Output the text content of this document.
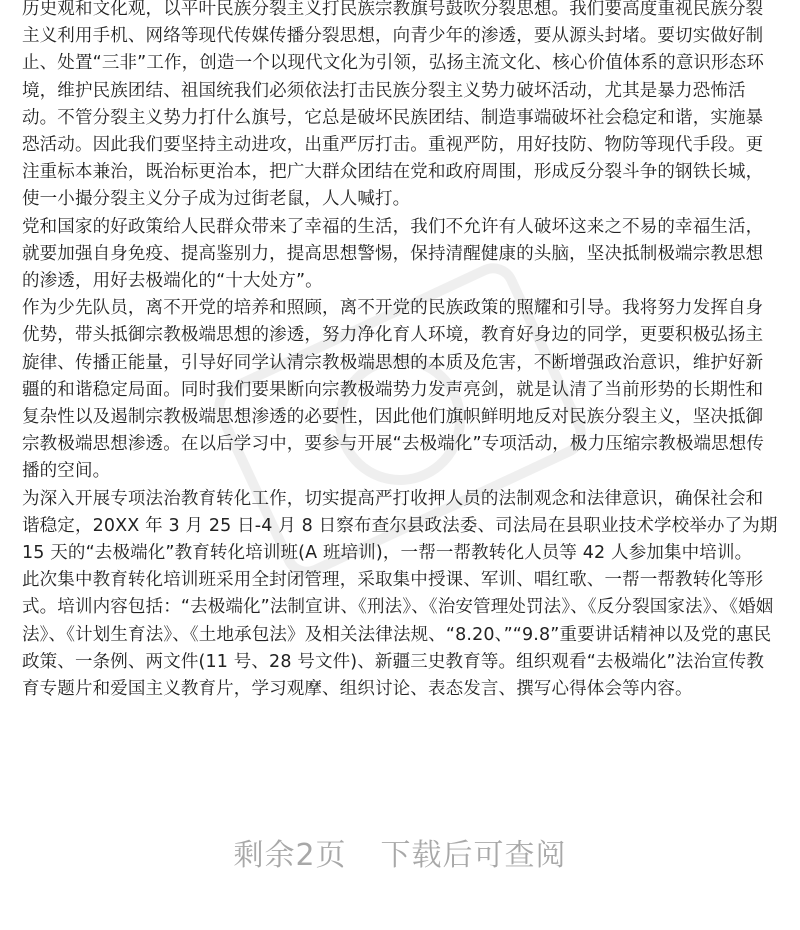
历史观和文化观，以平叶民族分裂主义打民族宗教旗号鼓吹分裂思想。我们要高度重视民族分裂主义利用手机、网络等现代传媒传播分裂思想，向青少年的渗透，要从源头封堵。要切实做好制止、处置“三非”工作，创造一个以现代文化为引领，弘扬主流文化、核心价值体系的意识形态环境，维护民族团结、祖国统我们必须依法打击民族分裂主义势力破坏活动，尤其是暴力恐怖活动。不管分裂主义势力打什么旗号，它总是破坏民族团结、制造事端破坏社会稳定和谐，实施暴恐活动。因此我们要坚持主动进攻，出重严厉打击。重视严防，用好技防、物防等现代手段。更注重标本兼治，既治标更治本，把广大群众团结在党和政府周围，形成反分裂斗争的钢铁长城，使一小撮分裂主义分子成为过街老鼠，人人喊打。

党和国家的好政策给人民群众带来了幸福的生活，我们不允许有人破坏这来之不易的幸福生活，就要加强自身免疫、提高鉴别力，提高思想警惕，保持清醒健康的头脑，坚决抵制极端宗教思想的渗透，用好去极端化的“十大处方”。

作为少先队员，离不开党的培养和照顾，离不开党的民族政策的照耀和引导。我将努力发挥自身优势，带头抵御宗教极端思想的渗透，努力净化育人环境，教育好身边的同学，更要积极弘扬主旋律、传播正能量，引导好同学认清宗教极端思想的本质及危害，不断增强政治意识，维护好新疆的和谐稳定局面。同时我们要果断向宗教极端势力发声亮剑，就是认清了当前形势的长期性和复杂性以及遏制宗教极端思想渗透的必要性，因此他们旗帜鲜明地反对民族分裂主义，坚决抵御宗教极端思想渗透。在以后学习中，要参与开展“去极端化”专项活动，极力压缩宗教极端思想传播的空间。

为深入开展专项法治教育转化工作，切实提高严打收押人员的法制观念和法律意识，确保社会和谐稳定，20XX 年 3 月 25 日-4 月 8 日察布查尔县政法委、司法局在县职业技术学校举办了为期 15 天的“去极端化”教育转化培训班(A 班培训)，一帮一帮教转化人员等 42 人参加集中培训。

此次集中教育转化培训班采用全封闭管理，采取集中授课、军训、唱红歌、一帮一帮教转化等形式。培训内容包括：“去极端化”法制宣讲、《刑法》、《治安管理处罚法》、《反分裂国家法》、《婚姻法》、《计划生育法》、《土地承包法》及相关法律法规、“8.20、”“9.8”重要讲话精神以及党的惠民政策、一条例、两文件(11 号、28 号文件)、新疆三史教育等。组织观看“去极端化”法治宣传教育专题片和爱国主义教育片，学习观摩、组织讨论、表态发言、撰写心得体会等内容。

剩余2页 下载后可查阅
